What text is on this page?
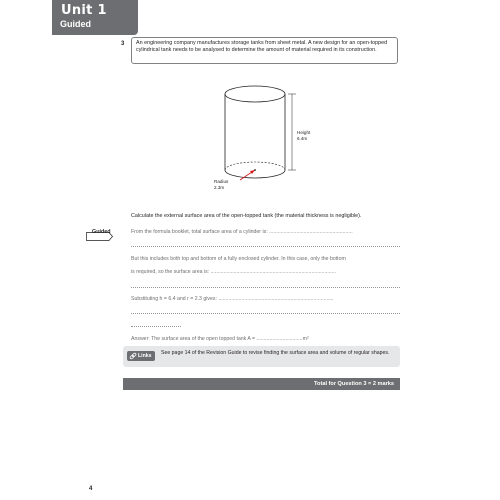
Unit 1
Guided
3	An engineering company manufactures storage tanks from sheet metal. A new design for an open-topped cylindrical tank needs to be analysed to determine the amount of material required in its construction.
Height
6.4m
Radius
2.3m
Calculate the external surface area of the open-topped tank (the material thickness is negligible).
Guided	From the formula booklet, total surface area of a cylinder is: ..........................................................
But this includes both top and bottom of a fully enclosed cylinder. In this case, only the bottom
is required, so the surface area is: .......................................................................................
Substituting h = 6.4 and r = 2.3 gives: ................................................................................
Answer: The surface area of the open topped tank A = ................................m²
Links See page 14 of the Revision Guide to revise finding the surface area and volume of regular shapes.
Total for Question 3 = 2 marks
4
